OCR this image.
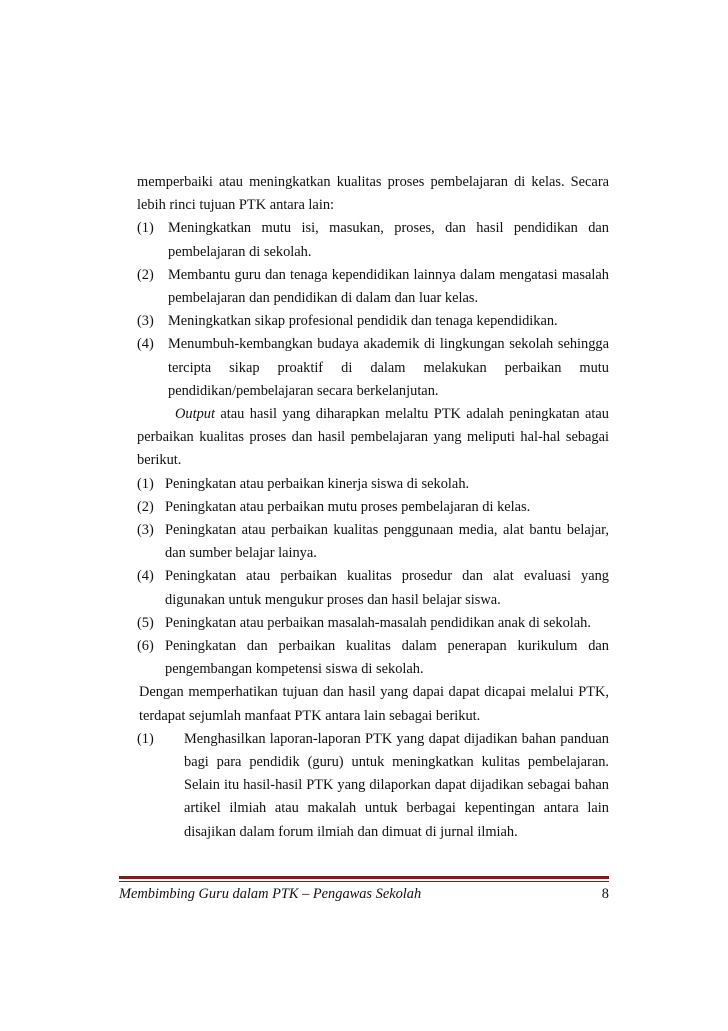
memperbaiki atau meningkatkan kualitas proses pembelajaran di kelas. Secara lebih rinci tujuan PTK antara lain:

(1) Meningkatkan mutu isi, masukan, proses, dan hasil pendidikan dan pembelajaran di sekolah.
(2) Membantu guru dan tenaga kependidikan lainnya dalam mengatasi masalah pembelajaran dan pendidikan di dalam dan luar kelas.
(3) Meningkatkan sikap profesional pendidik dan tenaga kependidikan.
(4) Menumbuh-kembangkan budaya akademik di lingkungan sekolah sehingga tercipta sikap proaktif di dalam melakukan perbaikan mutu pendidikan/pembelajaran secara berkelanjutan.

Output atau hasil yang diharapkan melaltu PTK adalah peningkatan atau perbaikan kualitas proses dan hasil pembelajaran yang meliputi hal-hal sebagai berikut.

(1) Peningkatan atau perbaikan kinerja siswa di sekolah.
(2) Peningkatan atau perbaikan mutu proses pembelajaran di kelas.
(3) Peningkatan atau perbaikan kualitas penggunaan media, alat bantu belajar, dan sumber belajar lainya.
(4) Peningkatan atau perbaikan kualitas prosedur dan alat evaluasi yang digunakan untuk mengukur proses dan hasil belajar siswa.
(5) Peningkatan atau perbaikan masalah-masalah pendidikan anak di sekolah.
(6) Peningkatan dan perbaikan kualitas dalam penerapan kurikulum dan pengembangan kompetensi siswa di sekolah.

Dengan memperhatikan tujuan dan hasil yang dapai dapat dicapai melalui PTK, terdapat sejumlah manfaat PTK antara lain sebagai berikut.

(1) Menghasilkan laporan-laporan PTK yang dapat dijadikan bahan panduan bagi para pendidik (guru) untuk meningkatkan kulitas pembelajaran. Selain itu hasil-hasil PTK yang dilaporkan dapat dijadikan sebagai bahan artikel ilmiah atau makalah untuk berbagai kepentingan antara lain disajikan dalam forum ilmiah dan dimuat di jurnal ilmiah.
Membimbing Guru dalam PTK – Pengawas Sekolah	8
